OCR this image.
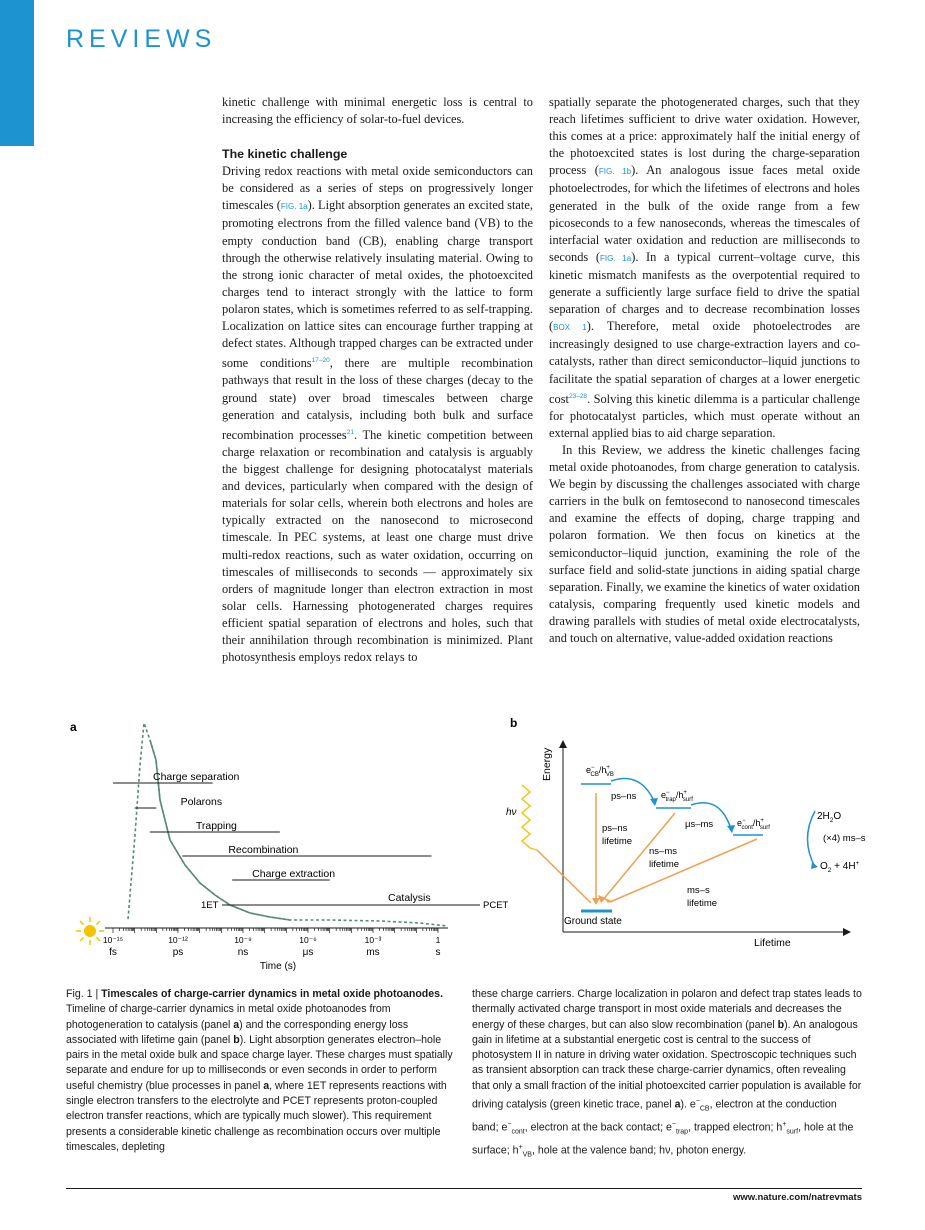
REVIEWS

kinetic challenge with minimal energetic loss is central to increasing the efficiency of solar-to-fuel devices.

The kinetic challenge

Driving redox reactions with metal oxide semiconductors can be considered as a series of steps on progressively longer timescales (FIG. 1a). Light absorption generates an excited state, promoting electrons from the filled valence band (VB) to the empty conduction band (CB), enabling charge transport through the otherwise relatively insulating material. Owing to the strong ionic character of metal oxides, the photoexcited charges tend to interact strongly with the lattice to form polaron states, which is sometimes referred to as self-trapping. Localization on lattice sites can encourage further trapping at defect states. Although trapped charges can be extracted under some conditions$^{17-20}$, there are multiple recombination pathways that result in the loss of these charges (decay to the ground state) over broad timescales between charge generation and catalysis, including both bulk and surface recombination processes$^{21}$. The kinetic competition between charge relaxation or recombination and catalysis is arguably the biggest challenge for designing photocatalyst materials and devices, particularly when compared with the design of materials for solar cells, wherein both electrons and holes are typically extracted on the nanosecond to microsecond timescale. In PEC systems, at least one charge must drive multi-redox reactions, such as water oxidation, occurring on timescales of milliseconds to seconds — approximately six orders of magnitude longer than electron extraction in most solar cells. Harnessing photogenerated charges requires efficient spatial separation of electrons and holes, such that their annihilation through recombination is minimized. Plant photosynthesis employs redox relays to

spatially separate the photogenerated charges, such that they reach lifetimes sufficient to drive water oxidation. However, this comes at a price: approximately half the initial energy of the photoexcited states is lost during the charge-separation process (FIG. 1b). An analogous issue faces metal oxide photoelectrodes, for which the lifetimes of electrons and holes generated in the bulk of the oxide range from a few picoseconds to a few nanoseconds, whereas the timescales of interfacial water oxidation and reduction are milliseconds to seconds (FIG. 1a). In a typical current–voltage curve, this kinetic mismatch manifests as the overpotential required to generate a sufficiently large surface field to drive the spatial separation of charges and to decrease recombination losses (BOX 1). Therefore, metal oxide photoelectrodes are increasingly designed to use charge-extraction layers and co-catalysts, rather than direct semiconductor–liquid junctions to facilitate the spatial separation of charges at a lower energetic cost$^{23-28}$. Solving this kinetic dilemma is a particular challenge for photocatalyst particles, which must operate without an external applied bias to aid charge separation.

In this Review, we address the kinetic challenges facing metal oxide photoanodes, from charge generation to catalysis. We begin by discussing the challenges associated with charge carriers in the bulk on femtosecond to nanosecond timescales and examine the effects of doping, charge trapping and polaron formation. We then focus on kinetics at the semiconductor–liquid junction, examining the role of the surface field and solid-state junctions in aiding spatial charge separation. Finally, we examine the kinetics of water oxidation catalysis, comparing frequently used kinetic models and drawing parallels with studies of metal oxide electrocatalysts, and touch on alternative, value-added oxidation reactions

a
Charge separation
Polarons
Trapping
Recombination
Charge extraction
Catalysis
1ET	PCET
10⁻¹⁵
fs
10⁻¹²
ps
10⁻⁹
ns
10⁻⁶
μs
10⁻³
ms
1
s
Time (s)
b
Energy
Lifetime
hν
e− CB/h+ VB
e− trap/h+ surf
e− cont/h+ surf
ps–ns
μs–ms
ps–ns
lifetime
ns–ms
lifetime
ms–s
lifetime
Ground state
$2H_2O$
(×4) ms–s
$O_2 + 4H^+$

Fig. 1 | Timescales of charge-carrier dynamics in metal oxide photoanodes. Timeline of charge-carrier dynamics in metal oxide photoanodes from photogeneration to catalysis (panel a) and the corresponding energy loss associated with lifetime gain (panel b). Light absorption generates electron–hole pairs in the metal oxide bulk and space charge layer. These charges must spatially separate and endure for up to milliseconds or even seconds in order to perform useful chemistry (blue processes in panel a, where 1ET represents reactions with single electron transfers to the electrolyte and PCET represents proton-coupled electron transfer reactions, which are typically much slower). This requirement presents a considerable kinetic challenge as recombination occurs over multiple timescales, depleting

these charge carriers. Charge localization in polaron and defect trap states leads to thermally activated charge transport in most oxide materials and decreases the energy of these charges, but can also slow recombination (panel b). An analogous gain in lifetime at a substantial energetic cost is central to the success of photosystem II in nature in driving water oxidation. Spectroscopic techniques such as transient absorption can track these charge-carrier dynamics, often revealing that only a small fraction of the initial photoexcited carrier population is available for driving catalysis (green kinetic trace, panel a). $e^-_{CB}$, electron at the conduction band; $e^-_{cont}$, electron at the back contact; $e^-_{trap}$, trapped electron; $h^+_{surf}$, hole at the surface; $h^+_{VB}$, hole at the valence band; hν, photon energy.

www.nature.com/natrevmats
